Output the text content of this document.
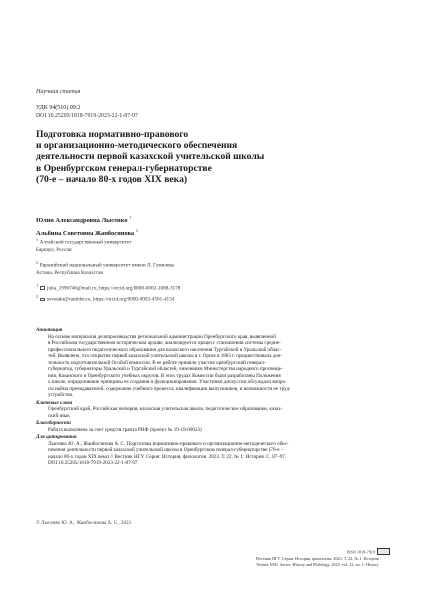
Научная статья
УДК 94(510).09:2
DOI 10.25205/1818-7919-2023-22-1-87-97
Подготовка нормативно-правового
и организационно-методического обеспечения
деятельности первой казахской учительской школы
в Оренбургском генерал-губернаторстве
(70-е – начало 80-х годов XIX века)
Юлия Александровна Лысенко $^1$
Альбина Советовна Жанбосинова $^2$
$^1$ Алтайский государственный университет
Барнаул, Россия
$^2$ Евразийский национальный университет имени Л. Гумилева
Астана, Республика Казахстан
$^1$  julia_1996746@mail.ru, https://orcid.org/0000-0002-1088-3578
$^2$  sovetakt@rambler.ru, https://orcid.org/0000-0003-4561-4154
Аннотация
На основе материалов делопроизводства региональной администрации Оренбургского края, выявленной
в Российском государственном историческом архиве, анализируется процесс становления системы средне-
профессионального педагогического образования для казахского населения Тургайской и Уральской облас-
тей. Выявлено, что открытие первой казахской учительской школы в г. Орске в 1883 г. предшествовала дея-
тельность подготовительной Особой комиссии. В ее работе приняли участие оренбургский генерал-
губернатор, губернаторы Уральской и Тургайской областей, чиновники Министерства народного просвеще-
ния, Казанского и Оренбургского учебных округов. В этих трудах Комиссии были разработаны Положения
о школе, определившие принципы ее создания и функционирования. Участники дискуссии обсуждали вопро-
сы найма преподавателей, содержание учебного процесса, квалификации выпускников, и возможности ее труд-
устройства.
Ключевые слова
Оренбургский край, Российская империя, казахская учительская школа, педагогическое образование, казах-
ский язык
Благодарности
Работа выполнена за счет средств гранта РНФ (проект № 19-18-00023)
Для цитирования
Лысенко Ю. А., Жанбосинова А. С. Подготовка нормативно-правового и организационно-методического обес-
печения деятельности первой казахской учительской школы в Оренбургском генерал-губернаторстве (70-е –
начало 80-х годов XIX века) // Вестник НГУ. Серия: История, филология. 2023. Т. 22, № 1: История. С. 87–97.
DOI 10.25205/1818-7919-2023-22-1-87-97
© Лысенко Ю. А., Жанбосинова А. С., 2023
ISSN 1818-7919
Вестник НГУ. Серия: История, филология. 2023. Т. 22, № 1: История
Vestnik NSU. Series: History and Philology, 2023, vol. 22, no. 1: History
